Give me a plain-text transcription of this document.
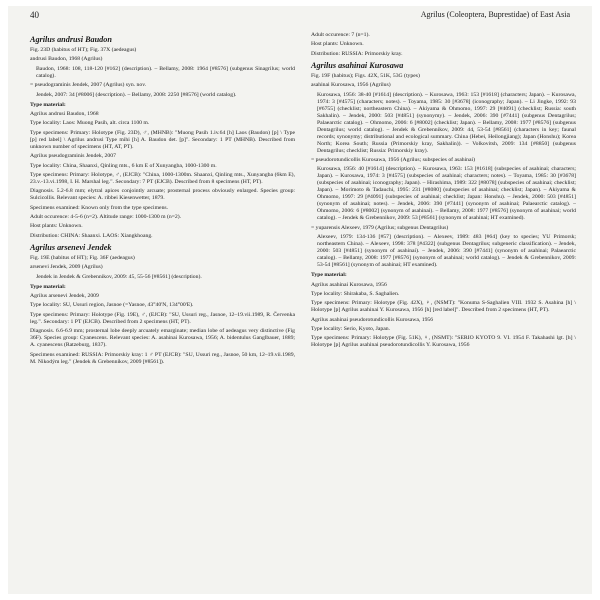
40	Agrilus (Coleoptera, Buprestidae) of East Asia

Agrilus andrusi Baudon

Fig. 23D (habitus of HT); Fig. 37X (aedeagus)

andrusi Baudon, 1968 (Agrilus)

Baudon, 1968: 108, 118-120 [#162] (description). – Bellamy, 2008: 1964 [#8576] (subgenus Sinagrilus; world catalog).

= pseudograminis Jendek, 2007 (Agrilus) syn. nov.

Jendek, 2007: 34 [#8006] (description). – Bellamy, 2008: 2250 [#8576] (world catalog).

Type material:

Agrilus andrusi Baudon, 1968

Type locality: Laos: Muong Pasih, alt. circa 1100 m.

Type specimens: Primary: Holotype (Fig. 23D), ♂, (MHNB): "Muong Pasih 1.iv.64 [h] Laos (Baudon) [p] \ Type [p] red label] \ Agrilus andrusi Type mihi [h] A. Baudon det. [p]". Secondary: 1 PT (MHNB). Described from unknown number of specimens (HT, AT, PT).

Agrilus pseudograminis Jendek, 2007

Type locality: China, Shaanxi, Qinling mts., 6 km E of Xunyangba, 1000-1300 m.

Type specimens: Primary: Holotype, ♂, (EJCB): "China, 1000-1300m. Shaanxi, Qinling mts., Xunyangba (6km E), 23.v.-13.vi.1998, I. H. Marshal leg.". Secondary: 7 PT (EJCB). Described from 8 specimens (HT, PT).

Diagnosis. 5.2-6.8 mm; elytral apices conjointly arcuate; prosternal process obviously enlarged. Species group: Sulcicollis. Relevant species: A. ribbei Kiesenwetter, 1879.

Specimens examined: Known only from the type specimens.

Adult occurence: 4-5-6 (n=2). Altitude range: 1000-1300 m (n=2).

Host plants: Unknown.

Distribution: CHINA: Shaanxi. LAOS: Xiangkhoang.

Agrilus arsenevi Jendek

Fig. 19E (habitus of HT); Fig. 36F (aedeagus)

arsenevi Jendek, 2009 (Agrilus)

Jendek in Jendek & Grebennikov, 2009: 45, 55-56 [#8561] (description).

Type material:

Agrilus arsenevi Jendek, 2009

Type locality: SU, Ussuri region, Jasnoe (=Yasnoe, 43°40'N, 134°00'E).

Type specimens: Primary: Holotype (Fig. 19E), ♂, (EJCB): "SU, Ussuri reg., Jasnoe, 12–19.vii.1989, R. Červenka leg.". Secondary: 1 PT (EJCB). Described from 2 specimens (HT, PT).

Diagnosis. 6.6-6.9 mm; prosternal lobe deeply arcuately emarginate; median lobe of aedeagus very distinctive (Fig 36F). Species group: Cyanescens. Relevant species: A. asahinai Kurosawa, 1956; A. bidentulus Ganglbauer, 1889; A. cyanescens (Ratzeburg, 1837).

Specimens examined: RUSSIA: Primorskiy kray: 1 ♂ PT (EJCB): "SU, Ussuri reg., Jasnoe, 50 km, 12–19.vii.1989, M. Nikodým leg." (Jendek & Grebennikov, 2009 [#8561]).

Adult occurence: 7 (n=1).

Host plants: Unknown.

Distribution: RUSSIA: Primorskiy kray.

Agrilus asahinai Kurosawa

Fig. 19F (habitus); Figs. 42X, 51K, 53G (types)

asahinai Kurosawa, 1956 (Agrilus)

Kurosawa, 1956: 38-40 [#1614] (description). – Kurosawa, 1963: 153 [#1618] (characters; Japan). – Kurosawa, 1974: 3 [#4575] (characters; notes). – Toyama, 1985: 30 [#3678] (iconography; Japan). – Li Jingke, 1992: 93 [#6755] (checklist; northeastern China). – Akiyama & Ohmomo, 1997: 29 [#4091] (checklist; Russia: south Sakhalin). – Jendek, 2000: 503 [#4851] (synonymy). – Jendek, 2006: 390 [#7441] (subgenus Dentagrilus; Palaearctic catalog). – Ohmomo, 2006: 6 [#8002] (checklist; Japan). – Bellamy, 2008: 1977 [#8576] (subgenus Dentagrilus; world catalog). – Jendek & Grebennikov, 2009: 44, 53-54 [#8561] (characters in key; faunal records; synonymy; distributional and ecological summary. China (Hebei, Heilongjiang); Japan (Honshu); Korea North; Korea South; Russia (Primorskiy kray, Sakhalin)). – Volkovitsh, 2009: 134 [#8850] (subgenus Dentagrilus; checklist; Russia: Primorskiy kray).

= pseudorotundicollis Kurosawa, 1956 (Agrilus; subspecies of asahinai)

Kurosawa, 1956: 40 [#1614] (description). – Kurosawa, 1963: 153 [#1618] (subspecies of asahinai; characters; Japan). – Kurosawa, 1974: 3 [#4575] (subspecies of asahinai; characters; notes). – Toyama, 1985: 30 [#3678] (subspecies of asahinai; iconography; Japan). – Hirashima, 1989: 322 [#8078] (subspecies of asahinai; checklist; Japan). – Morimoto & Tadauchi, 1995: 231 [#8080] (subspecies of asahinai; checklist; Japan). – Akiyama & Ohmomo, 1997: 29 [#4091] (subspecies of asahinai; checklist; Japan: Honshu). – Jendek, 2000: 503 [#4851] (synonym of asahinai; notes). – Jendek, 2006: 390 [#7441] (synonym of asahinai; Palaearctic catalog). – Ohmomo, 2006: 6 [#8002] (synonym of asahinai). – Bellamy, 2008: 1977 [#8576] (synonym of asahinai; world catalog). – Jendek & Grebennikov, 2009: 53 [#8561] (synonym of asahinai; HT examined).

= yuparensis Alexeev, 1979 (Agrilus; subgenus Dentagrilus)

Alexeev, 1979: 134-136 [#57] (description). – Alexeev, 1989: 483 [#64] (key to species; YU Primorsk; northeastern China). – Alexeev, 1998: 378 [#4322] (subgenus Dentagrilus; subgeneric classification). – Jendek, 2000: 503 [#4851] (synonym of asahinai). – Jendek, 2006: 390 [#7441] (synonym of asahinai; Palaearctic catalog). – Bellamy, 2008: 1977 [#8576] (synonym of asahinai; world catalog). – Jendek & Grebennikov, 2009: 53-54 [#8561] (synonym of asahinai; HT examined).

Type material:

Agrilus asahinai Kurosawa, 1956

Type locality: Shirakaba, S. Saghalien.

Type specimens: Primary: Holotype (Fig. 42X), ♀, (NSMT): "Konuma S-Saghalien VIII. 1932 S. Asahina [h] \ Holotype [p] Agrilus asahinai Y. Kurosawa, 1956 [h] [red label]". Described from 2 specimens (HT, PT).

Agrilus asahinai pseudorotundicollis Kurosawa, 1956

Type locality: Serio, Kyoto, Japan.

Type specimens: Primary: Holotype (Fig. 51K), ♀, (NSMT): "SERIO KYOTO 9. VI. 1954 F. Takahashi lgt. [h] \ Holotype [p] Agrilus asahinai pseudorotundicollis Y. Kurosawa, 1956
